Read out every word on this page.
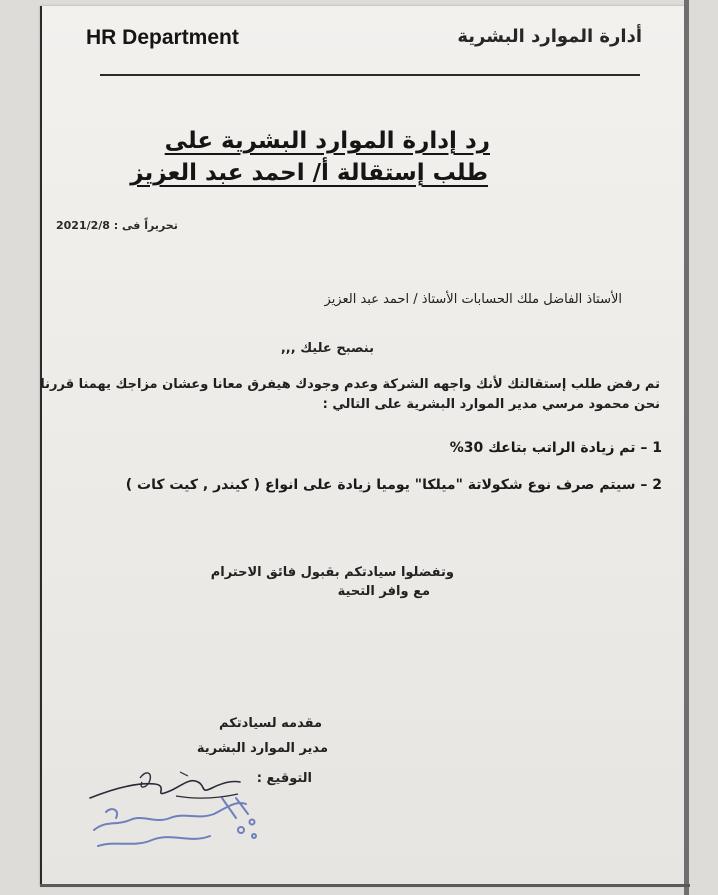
HR Department	أدارة الموارد البشرية
رد إدارة الموارد البشرية على
طلب إستقالة أ/ احمد عبد العزيز
تحريراً فى : 2021/2/8
الأستاذ الفاضل ملك الحسابات الأستاذ / احمد عبد العزيز
بنصبح عليك ,,,
تم رفض طلب إستقالتك لأنك واجهه الشركة وعدم وجودك هيفرق معانا وعشان مزاجك يهمنا قررنا
نحن محمود مرسي مدير الموارد البشرية على التالي :
1 – تم زيادة الراتب بتاعك 30%
2 – سيتم صرف نوع شكولاتة "ميلكا" يوميا زيادة على انواع ( كيندر , كيت كات )
وتفضلوا سيادتكم بقبول فائق الاحترام
مع وافر التحية
مقدمه لسيادتكم
مدير الموارد البشرية
التوقيع :
